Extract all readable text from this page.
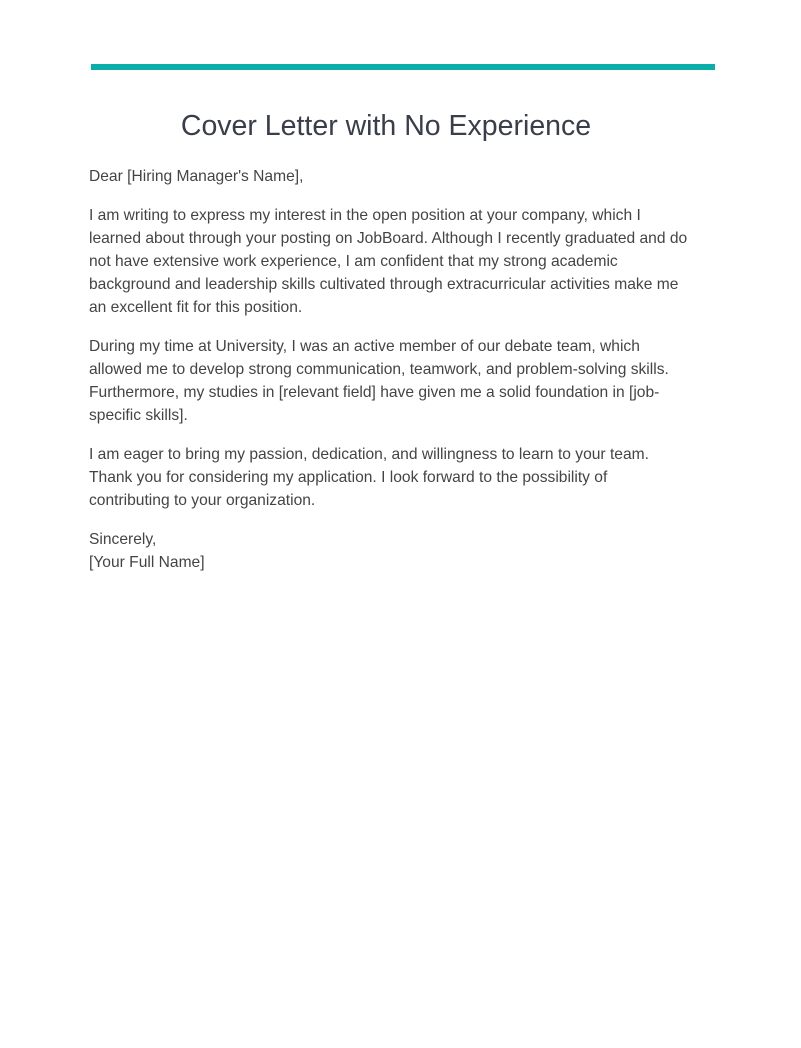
Cover Letter with No Experience

Dear [Hiring Manager's Name],

I am writing to express my interest in the open position at your company, which I learned about through your posting on JobBoard. Although I recently graduated and do not have extensive work experience, I am confident that my strong academic background and leadership skills cultivated through extracurricular activities make me an excellent fit for this position.

During my time at University, I was an active member of our debate team, which allowed me to develop strong communication, teamwork, and problem-solving skills. Furthermore, my studies in [relevant field] have given me a solid foundation in [job-specific skills].

I am eager to bring my passion, dedication, and willingness to learn to your team. Thank you for considering my application. I look forward to the possibility of contributing to your organization.

Sincerely,

[Your Full Name]
